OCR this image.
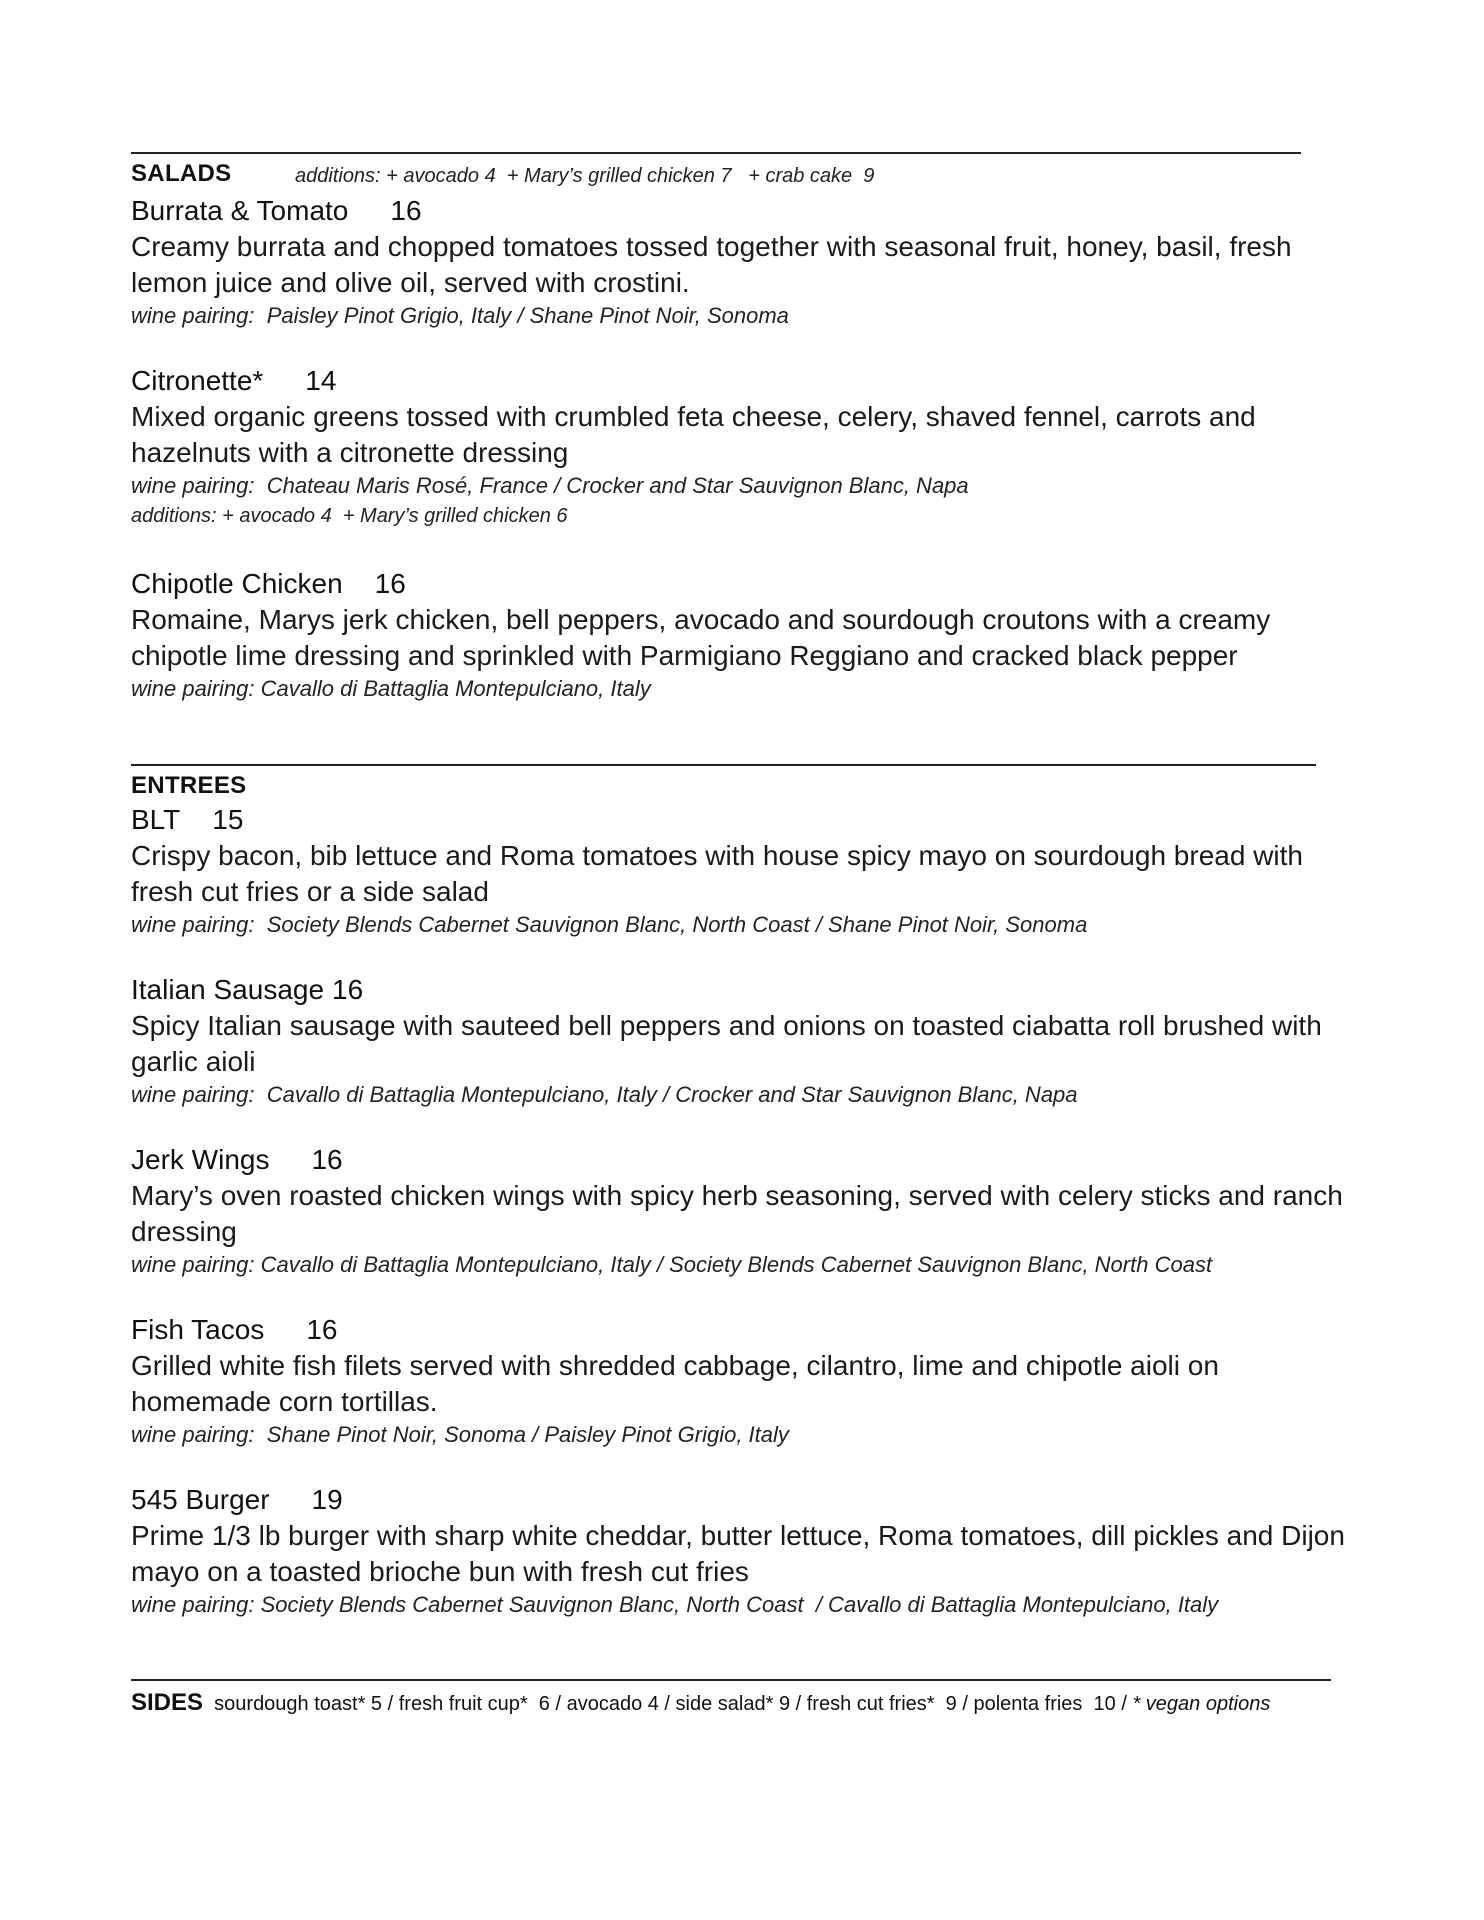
SALADS	additions: + avocado 4  + Mary’s grilled chicken 7   + crab cake  9
Burrata & Tomato 16
Creamy burrata and chopped tomatoes tossed together with seasonal fruit, honey, basil, fresh lemon juice and olive oil, served with crostini.
wine pairing:  Paisley Pinot Grigio, Italy / Shane Pinot Noir, Sonoma
Citronette* 14
Mixed organic greens tossed with crumbled feta cheese, celery, shaved fennel, carrots and hazelnuts with a citronette dressing
wine pairing:  Chateau Maris Rosé, France / Crocker and Star Sauvignon Blanc, Napa
additions: + avocado 4  + Mary’s grilled chicken 6
Chipotle Chicken 16
Romaine, Marys jerk chicken, bell peppers, avocado and sourdough croutons with a creamy chipotle lime dressing and sprinkled with Parmigiano Reggiano and cracked black pepper
wine pairing: Cavallo di Battaglia Montepulciano, Italy
ENTREES
BLT 15
Crispy bacon, bib lettuce and Roma tomatoes with house spicy mayo on sourdough bread with fresh cut fries or a side salad
wine pairing:  Society Blends Cabernet Sauvignon Blanc, North Coast / Shane Pinot Noir, Sonoma
Italian Sausage 16
Spicy Italian sausage with sauteed bell peppers and onions on toasted ciabatta roll brushed with garlic aioli
wine pairing:  Cavallo di Battaglia Montepulciano, Italy / Crocker and Star Sauvignon Blanc, Napa
Jerk Wings 16
Mary’s oven roasted chicken wings with spicy herb seasoning, served with celery sticks and ranch dressing
wine pairing: Cavallo di Battaglia Montepulciano, Italy / Society Blends Cabernet Sauvignon Blanc, North Coast
Fish Tacos 16
Grilled white fish filets served with shredded cabbage, cilantro, lime and chipotle aioli on homemade corn tortillas.
wine pairing:  Shane Pinot Noir, Sonoma / Paisley Pinot Grigio, Italy
545 Burger 19
Prime 1/3 lb burger with sharp white cheddar, butter lettuce, Roma tomatoes, dill pickles and Dijon mayo on a toasted brioche bun with fresh cut fries
wine pairing: Society Blends Cabernet Sauvignon Blanc, North Coast  / Cavallo di Battaglia Montepulciano, Italy
SIDES sourdough toast* 5 / fresh fruit cup*  6 / avocado 4 / side salad* 9 / fresh cut fries*  9 / polenta fries  10 / * vegan options
